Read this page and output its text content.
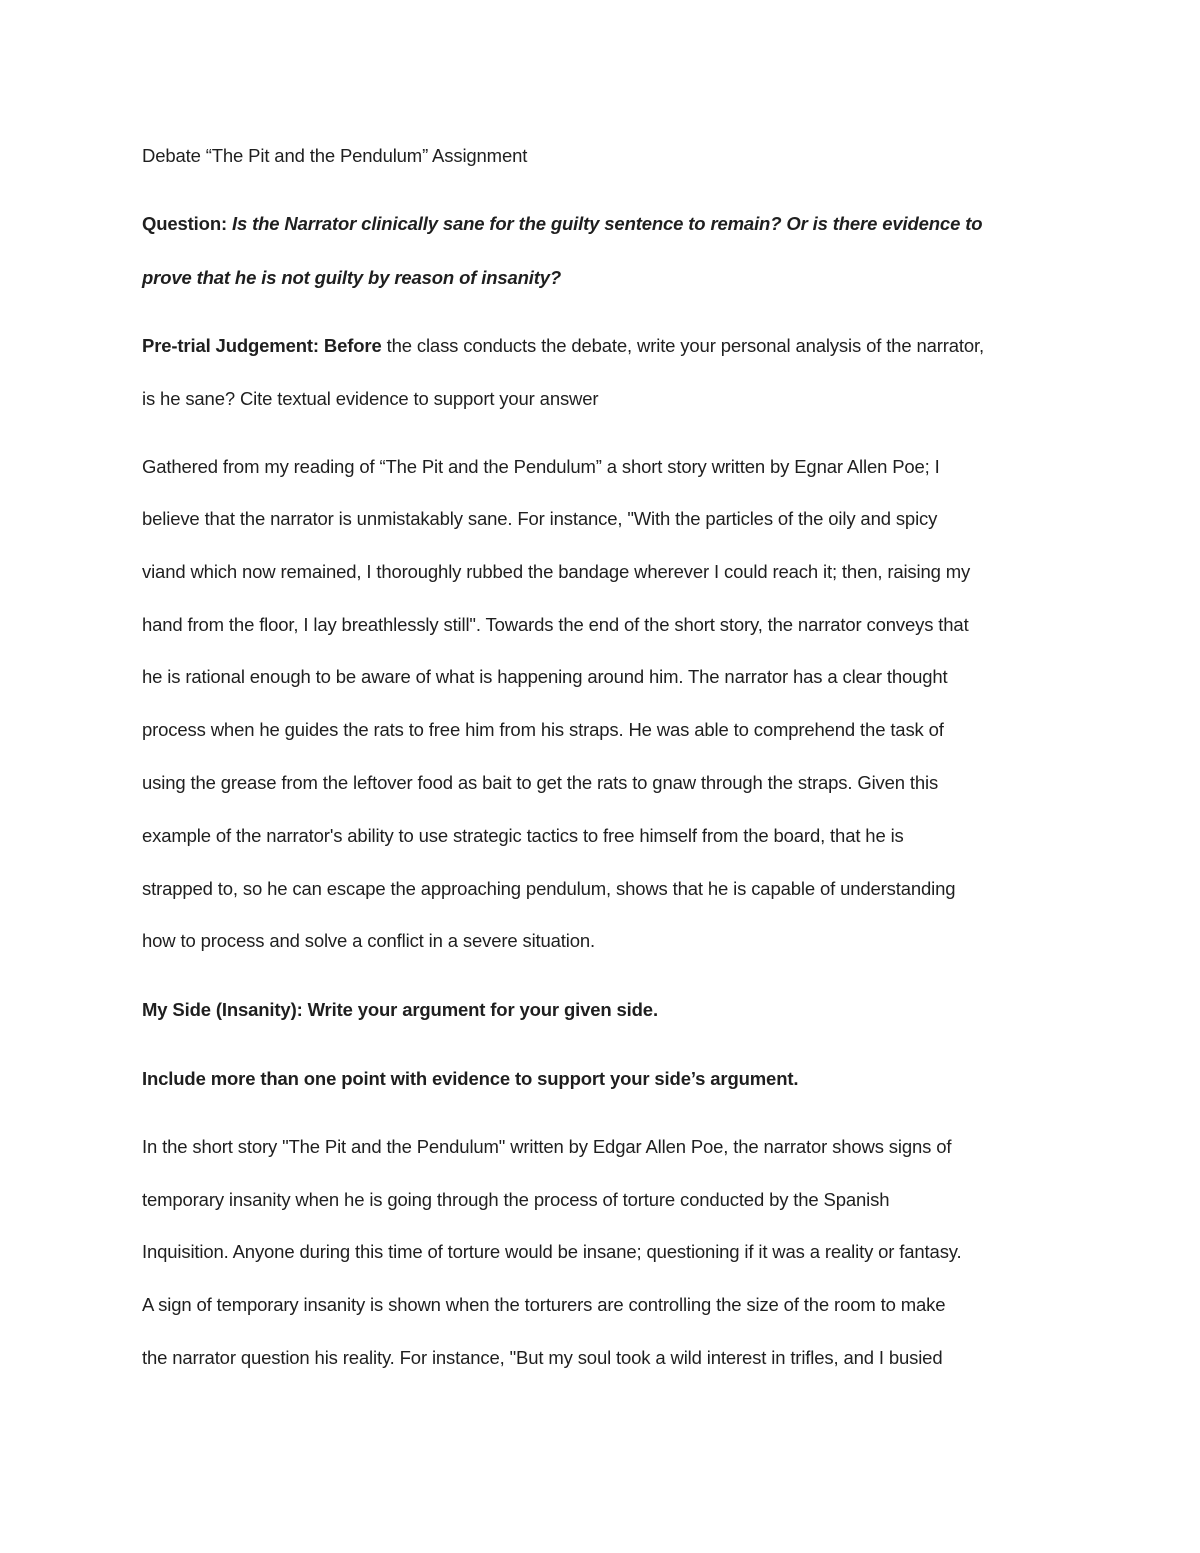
Debate “The Pit and the Pendulum” Assignment
Question: Is the Narrator clinically sane for the guilty sentence to remain? Or is there evidence to
prove that he is not guilty by reason of insanity?
Pre-trial Judgement: Before the class conducts the debate, write your personal analysis of the narrator,
is he sane? Cite textual evidence to support your answer
Gathered from my reading of “The Pit and the Pendulum” a short story written by Egnar Allen Poe; I
believe that the narrator is unmistakably sane. For instance, "With the particles of the oily and spicy
viand which now remained, I thoroughly rubbed the bandage wherever I could reach it; then, raising my
hand from the floor, I lay breathlessly still". Towards the end of the short story, the narrator conveys that
he is rational enough to be aware of what is happening around him. The narrator has a clear thought
process when he guides the rats to free him from his straps. He was able to comprehend the task of
using the grease from the leftover food as bait to get the rats to gnaw through the straps. Given this
example of the narrator's ability to use strategic tactics to free himself from the board, that he is
strapped to, so he can escape the approaching pendulum, shows that he is capable of understanding
how to process and solve a conflict in a severe situation.
My Side (Insanity): Write your argument for your given side.
Include more than one point with evidence to support your side’s argument.
In the short story "The Pit and the Pendulum" written by Edgar Allen Poe, the narrator shows signs of
temporary insanity when he is going through the process of torture conducted by the Spanish
Inquisition. Anyone during this time of torture would be insane; questioning if it was a reality or fantasy.
A sign of temporary insanity is shown when the torturers are controlling the size of the room to make
the narrator question his reality. For instance, "But my soul took a wild interest in trifles, and I busied
